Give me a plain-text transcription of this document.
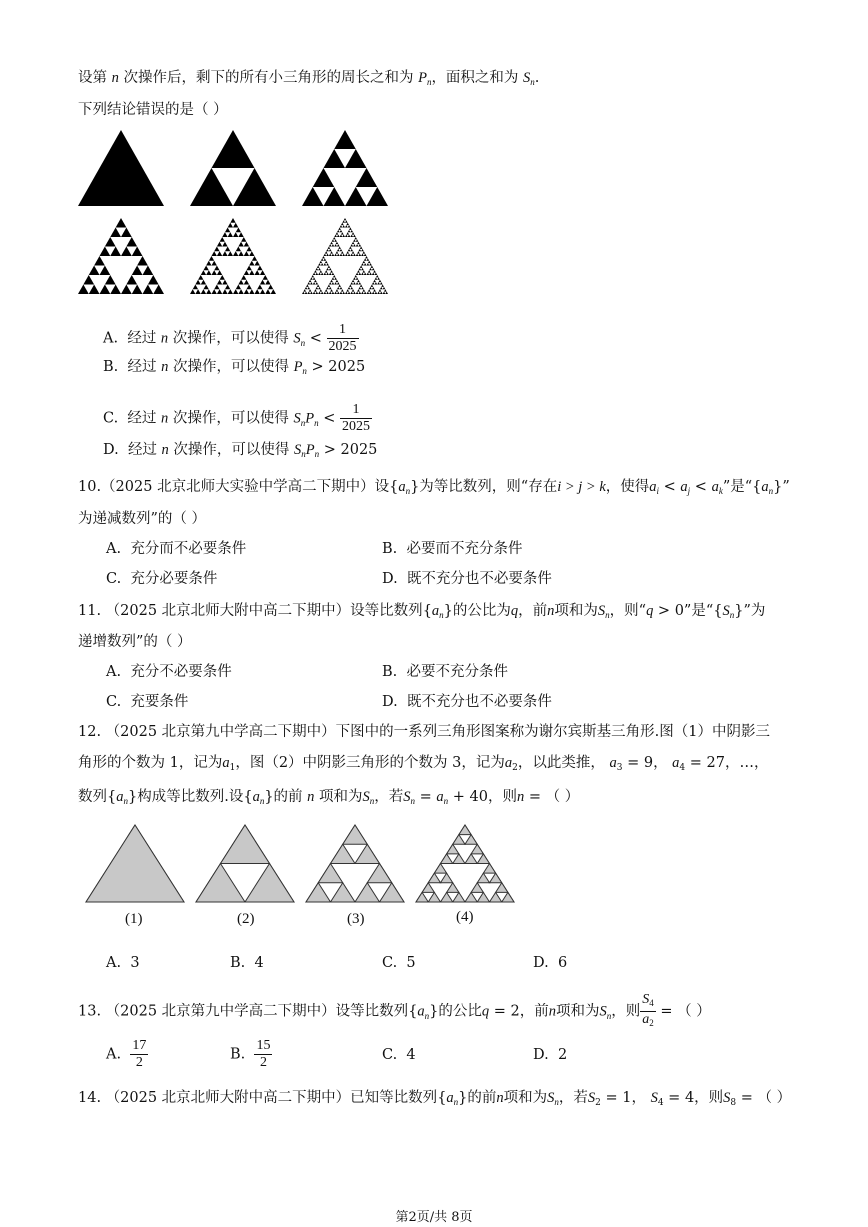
设第 n 次操作后，剩下的所有小三角形的周长之和为 $P_n$，面积之和为 $S_n$.
下列结论错误的是（ ）
A. 经过 n 次操作，可以使得 $S_n < \frac{1}{2025}$
B. 经过 n 次操作，可以使得 $P_n > 2025$
C. 经过 n 次操作，可以使得 $S_nP_n < \frac{1}{2025}$
D. 经过 n 次操作，可以使得 $S_nP_n > 2025$
10.（2025 北京北师大实验中学高二下期中）设$\{a_n\}$为等比数列，则“存在i > j > k，使得$a_i < a_j < a_k$”是“$\{a_n\}$”
为递减数列”的（ ）
A. 充分而不必要条件	B. 必要而不充分条件
C. 充分必要条件	D. 既不充分也不必要条件
11. （2025 北京北师大附中高二下期中）设等比数列$\{a_n\}$的公比为q，前n项和为$S_n$，则“q > 0”是“$\{S_n\}$”为
递增数列”的（ ）
A. 充分不必要条件	B. 必要不充分条件
C. 充要条件	D. 既不充分也不必要条件
12. （2025 北京第九中学高二下期中）下图中的一系列三角形图案称为谢尔宾斯基三角形.图（1）中阴影三
角形的个数为 1，记为$a_1$，图（2）中阴影三角形的个数为 3，记为$a_2$，以此类推， $a_3 = 9$， $a_4 = 27$，…，
数列$\{a_n\}$构成等比数列.设$\{a_n\}$的前 n 项和为$S_n$，若$S_n = a_n + 40$，则n = （ ）
(1)	(2)	(3)	(4)
A. 3	B. 4	C. 5	D. 6
13. （2025 北京第九中学高二下期中）设等比数列$\{a_n\}$的公比q = 2，前n项和为$S_n$，则 $\frac{S_4}{a_2}$ = （ ）
A. $\frac{17}{2}$	B. $\frac{15}{2}$	C. 4	D. 2
14. （2025 北京北师大附中高二下期中）已知等比数列$\{a_n\}$的前n项和为$S_n$，若$S_2 = 1$， $S_4 = 4$，则$S_8$ = （ ）
第2页/共 8页
